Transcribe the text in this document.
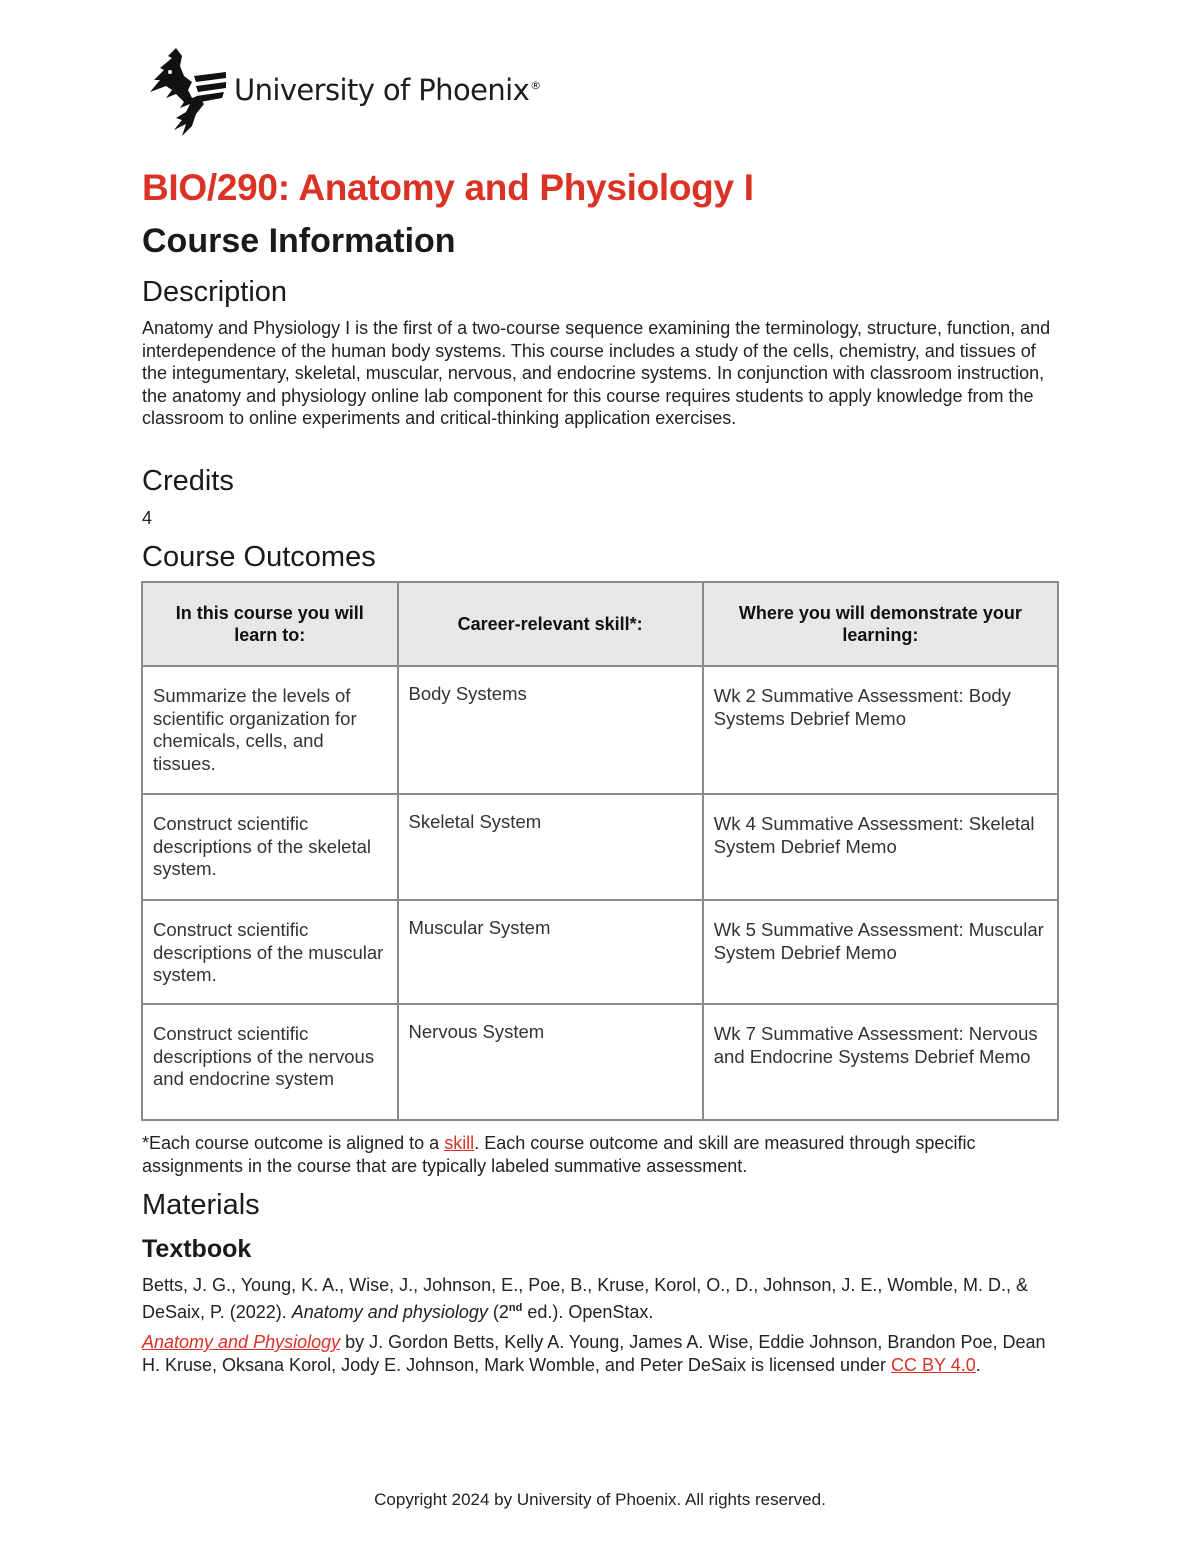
University of Phoenix®
BIO/290: Anatomy and Physiology I
Course Information
Description

Anatomy and Physiology I is the first of a two-course sequence examining the terminology, structure, function, and interdependence of the human body systems. This course includes a study of the cells, chemistry, and tissues of the integumentary, skeletal, muscular, nervous, and endocrine systems. In conjunction with classroom instruction, the anatomy and physiology online lab component for this course requires students to apply knowledge from the classroom to online experiments and critical-thinking application exercises.

Credits

4

Course Outcomes
In this course you will learn to:	Career-relevant skill*:	Where you will demonstrate your learning:
Summarize the levels of scientific organization for chemicals, cells, and tissues.	Body Systems	Wk 2 Summative Assessment: Body Systems Debrief Memo
Construct scientific descriptions of the skeletal system.	Skeletal System	Wk 4 Summative Assessment: Skeletal System Debrief Memo
Construct scientific descriptions of the muscular system.	Muscular System	Wk 5 Summative Assessment: Muscular System Debrief Memo
Construct scientific descriptions of the nervous and endocrine system	Nervous System	Wk 7 Summative Assessment: Nervous and Endocrine Systems Debrief Memo

*Each course outcome is aligned to a skill. Each course outcome and skill are measured through specific assignments in the course that are typically labeled summative assessment.

Materials
Textbook

Betts, J. G., Young, K. A., Wise, J., Johnson, E., Poe, B., Kruse, Korol, O., D., Johnson, J. E., Womble, M. D., & DeSaix, P. (2022). Anatomy and physiology (2nd ed.). OpenStax.

Anatomy and Physiology by J. Gordon Betts, Kelly A. Young, James A. Wise, Eddie Johnson, Brandon Poe, Dean H. Kruse, Oksana Korol, Jody E. Johnson, Mark Womble, and Peter DeSaix is licensed under CC BY 4.0.

Copyright 2024 by University of Phoenix. All rights reserved.
